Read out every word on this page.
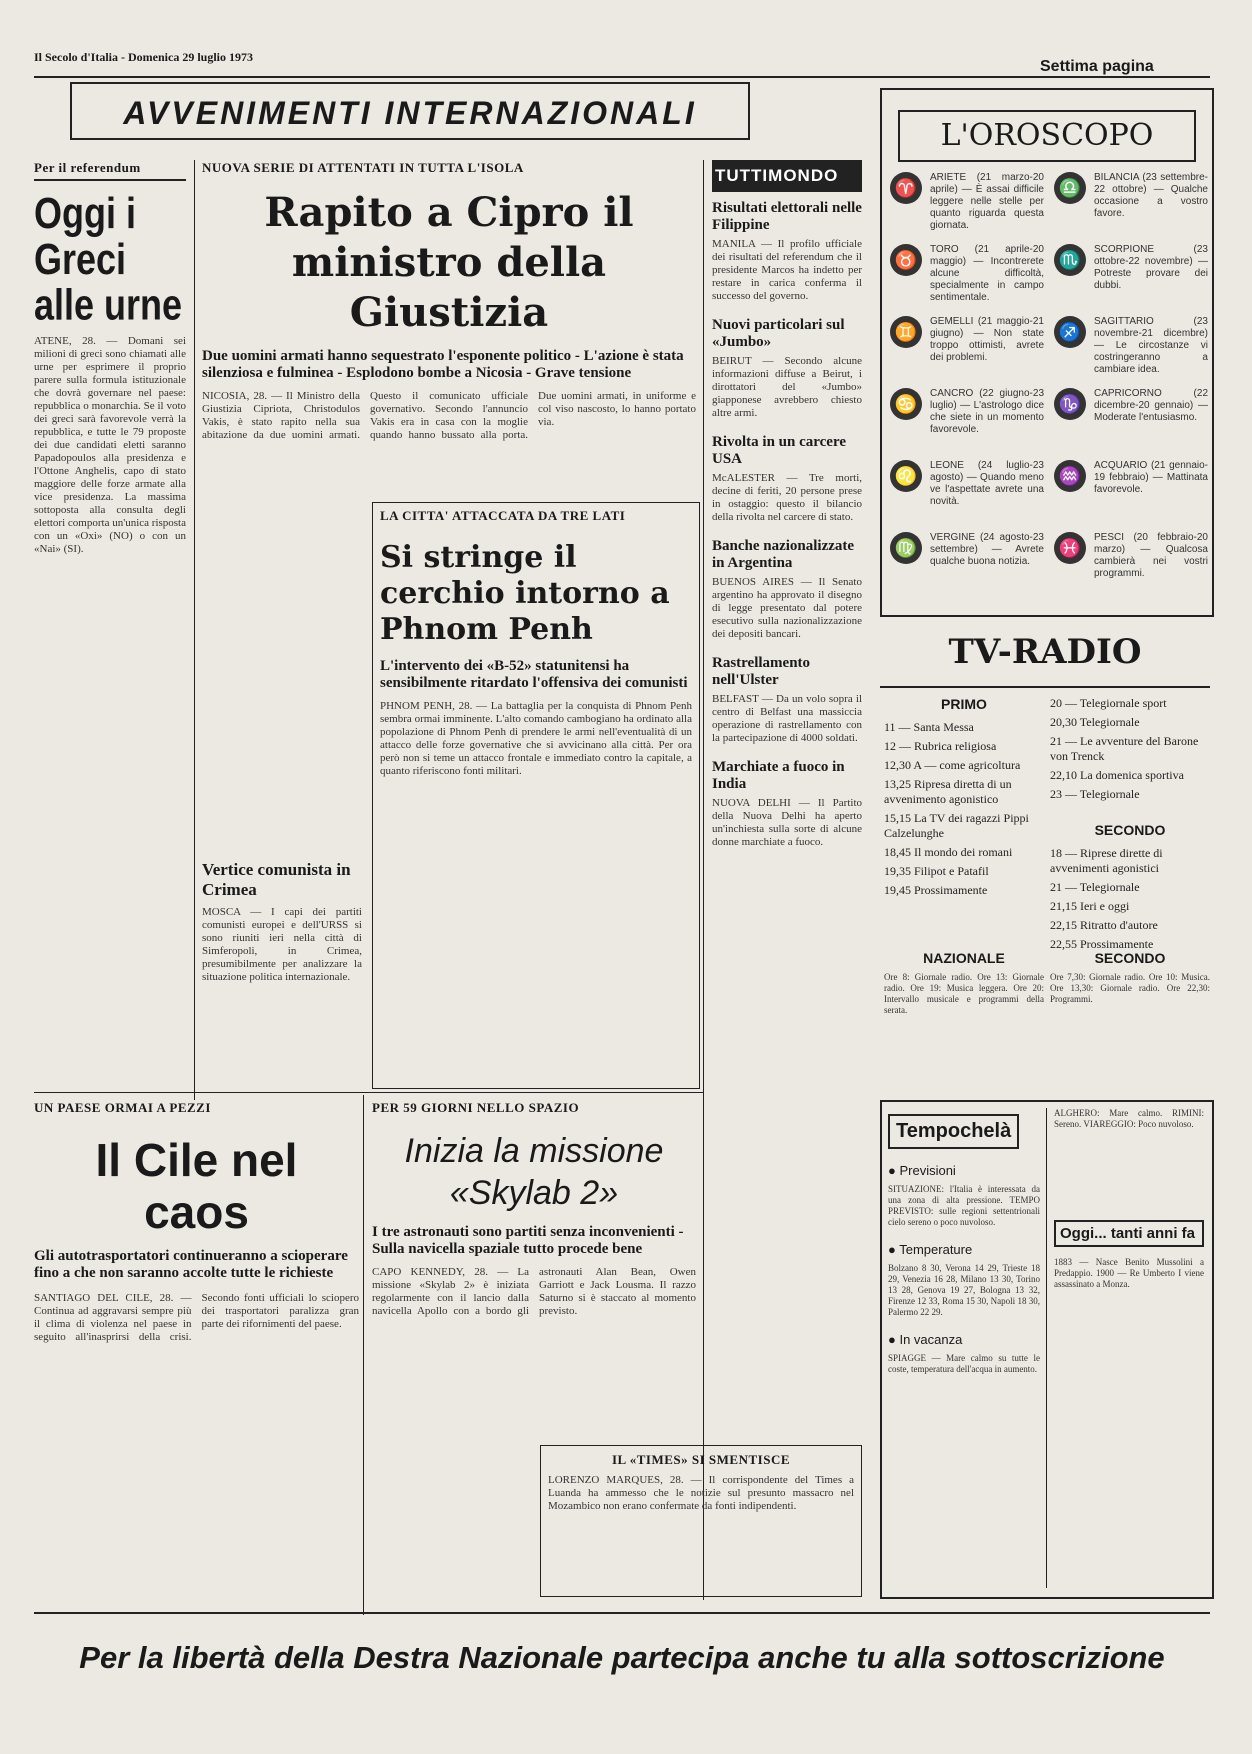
Il Secolo d'Italia - Domenica 29 luglio 1973
Settima pagina
AVVENIMENTI INTERNAZIONALI
Per il referendum
Oggi i Greci alle urne
ATENE, 28. — Domani sei milioni di greci sono chiamati alle urne per esprimere il proprio parere sulla formula istituzionale che dovrà governare nel paese: repubblica o monarchia. Se il voto dei greci sarà favorevole verrà la repubblica, e tutte le 79 proposte dei due candidati eletti saranno Papadopoulos alla presidenza e l'Ottone Anghelis, capo di stato maggiore delle forze armate alla vice presidenza. La massima sottoposta alla consulta degli elettori comporta un'unica risposta con un «Oxi» (NO) o con un «Nai» (SI).
NUOVA SERIE DI ATTENTATI IN TUTTA L'ISOLA
Rapito a Cipro il ministro della Giustizia
Due uomini armati hanno sequestrato l'esponente politico - L'azione è stata silenziosa e fulminea - Esplodono bombe a Nicosia - Grave tensione
NICOSIA, 28. — Il Ministro della Giustizia Cipriota, Christodulos Vakis, è stato rapito nella sua abitazione da due uomini armati. Questo il comunicato ufficiale governativo. Secondo l'annuncio Vakis era in casa con la moglie quando hanno bussato alla porta. Due uomini armati, in uniforme e col viso nascosto, lo hanno portato via.
Vertice comunista in Crimea
MOSCA — I capi dei partiti comunisti europei e dell'URSS si sono riuniti ieri nella città di Simferopoli, in Crimea, presumibilmente per analizzare la situazione politica internazionale.
LA CITTA' ATTACCATA DA TRE LATI
Si stringe il cerchio intorno a Phnom Penh
L'intervento dei «B-52» statunitensi ha sensibilmente ritardato l'offensiva dei comunisti
PHNOM PENH, 28. — La battaglia per la conquista di Phnom Penh sembra ormai imminente. L'alto comando cambogiano ha ordinato alla popolazione di Phnom Penh di prendere le armi nell'eventualità di un attacco delle forze governative che si avvicinano alla città. Per ora però non si teme un attacco frontale e immediato contro la capitale, a quanto riferiscono fonti militari.
TUTTIMONDO
Risultati elettorali nelle Filippine
MANILA — Il profilo ufficiale dei risultati del referendum che il presidente Marcos ha indetto per restare in carica conferma il successo del governo.
Nuovi particolari sul «Jumbo»
BEIRUT — Secondo alcune informazioni diffuse a Beirut, i dirottatori del «Jumbo» giapponese avrebbero chiesto altre armi.
Rivolta in un carcere USA
McALESTER — Tre morti, decine di feriti, 20 persone prese in ostaggio: questo il bilancio della rivolta nel carcere di stato.
Banche nazionalizzate in Argentina
BUENOS AIRES — Il Senato argentino ha approvato il disegno di legge presentato dal potere esecutivo sulla nazionalizzazione dei depositi bancari.
Rastrellamento nell'Ulster
BELFAST — Da un volo sopra il centro di Belfast una massiccia operazione di rastrellamento con la partecipazione di 4000 soldati.
Marchiate a fuoco in India
NUOVA DELHI — Il Partito della Nuova Delhi ha aperto un'inchiesta sulla sorte di alcune donne marchiate a fuoco.
UN PAESE ORMAI A PEZZI
Il Cile nel caos
Gli autotrasportatori continueranno a scioperare fino a che non saranno accolte tutte le richieste
SANTIAGO DEL CILE, 28. — Continua ad aggravarsi sempre più il clima di violenza nel paese in seguito all'inasprirsi della crisi. Secondo fonti ufficiali lo sciopero dei trasportatori paralizza gran parte dei rifornimenti del paese.
PER 59 GIORNI NELLO SPAZIO
Inizia la missione «Skylab 2»
I tre astronauti sono partiti senza inconvenienti - Sulla navicella spaziale tutto procede bene
CAPO KENNEDY, 28. — La missione «Skylab 2» è iniziata regolarmente con il lancio dalla navicella Apollo con a bordo gli astronauti Alan Bean, Owen Garriott e Jack Lousma. Il razzo Saturno si è staccato al momento previsto.
IL «TIMES» SI SMENTISCE
LORENZO MARQUES, 28. — Il corrispondente del Times a Luanda ha ammesso che le notizie sul presunto massacro nel Mozambico non erano confermate da fonti indipendenti.
L'OROSCOPO
♈
ARIETE (21 marzo-20 aprile) — È assai difficile leggere nelle stelle per quanto riguarda questa giornata.
♎
BILANCIA (23 settembre-22 ottobre) — Qualche occasione a vostro favore.
♉
TORO (21 aprile-20 maggio) — Incontrerete alcune difficoltà, specialmente in campo sentimentale.
♏
SCORPIONE (23 ottobre-22 novembre) — Potreste provare dei dubbi.
♊
GEMELLI (21 maggio-21 giugno) — Non state troppo ottimisti, avrete dei problemi.
♐
SAGITTARIO (23 novembre-21 dicembre) — Le circostanze vi costringeranno a cambiare idea.
♋
CANCRO (22 giugno-23 luglio) — L'astrologo dice che siete in un momento favorevole.
♑
CAPRICORNO (22 dicembre-20 gennaio) — Moderate l'entusiasmo.
♌
LEONE (24 luglio-23 agosto) — Quando meno ve l'aspettate avrete una novità.
♒
ACQUARIO (21 gennaio-19 febbraio) — Mattinata favorevole.
♍
VERGINE (24 agosto-23 settembre) — Avrete qualche buona notizia.
♓
PESCI (20 febbraio-20 marzo) — Qualcosa cambierà nei vostri programmi.
TV-RADIO
PRIMO
11 — Santa Messa
12 — Rubrica religiosa
12,30 A — come agricoltura
13,25 Ripresa diretta di un avvenimento agonistico
15,15 La TV dei ragazzi Pippi Calzelunghe
18,45 Il mondo dei romani
19,35 Filipot e Patafil
19,45 Prossimamente
20 — Telegiornale sport
20,30 Telegiornale
21 — Le avventure del Barone von Trenck
22,10 La domenica sportiva
23 — Telegiornale
SECONDO
18 — Riprese dirette di avvenimenti agonistici
21 — Telegiornale
21,15 Ieri e oggi
22,15 Ritratto d'autore
22,55 Prossimamente
NAZIONALE
Ore 8: Giornale radio. Ore 13: Giornale radio. Ore 19: Musica leggera. Ore 20: Intervallo musicale e programmi della serata.
SECONDO
Ore 7,30: Giornale radio. Ore 10: Musica. Ore 13,30: Giornale radio. Ore 22,30: Programmi.
Tempochelà
● Previsioni
SITUAZIONE: l'Italia è interessata da una zona di alta pressione. TEMPO PREVISTO: sulle regioni settentrionali cielo sereno o poco nuvoloso.
● Temperature
Bolzano 8 30, Verona 14 29, Trieste 18 29, Venezia 16 28, Milano 13 30, Torino 13 28, Genova 19 27, Bologna 13 32, Firenze 12 33, Roma 15 30, Napoli 18 30, Palermo 22 29.
● In vacanza
SPIAGGE — Mare calmo su tutte le coste, temperatura dell'acqua in aumento.
ALGHERO: Mare calmo. RIMINI: Sereno. VIAREGGIO: Poco nuvoloso.
Oggi... tanti anni fa
1883 — Nasce Benito Mussolini a Predappio. 1900 — Re Umberto I viene assassinato a Monza.
Per la libertà della Destra Nazionale partecipa anche tu alla sottoscrizione
